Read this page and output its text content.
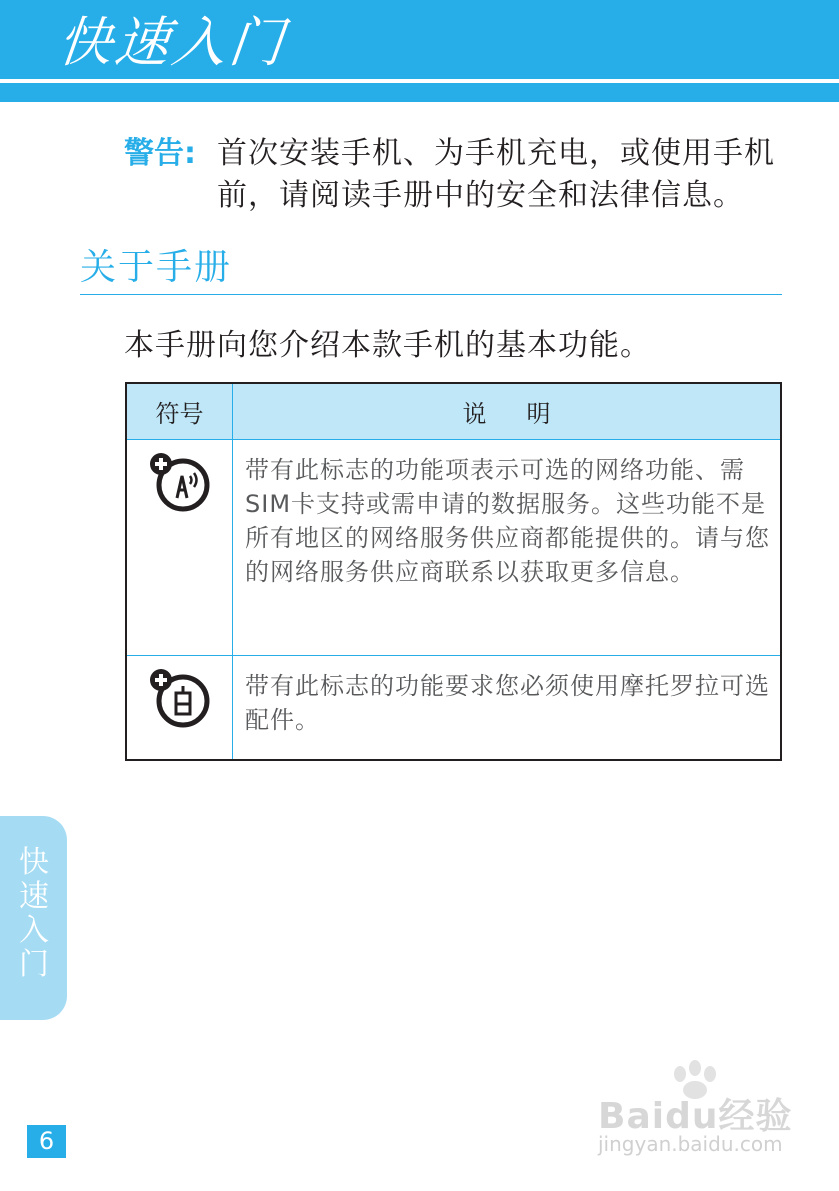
快速入门
警告: 首次安装手机、为手机充电，或使用手机前，请阅读手册中的安全和法律信息。
关于手册
本手册向您介绍本款手机的基本功能。
符号	说明
	带有此标志的功能项表示可选的网络功能、需SIM卡支持或需申请的数据服务。这些功能不是所有地区的网络服务供应商都能提供的。请与您的网络服务供应商联系以获取更多信息。
	带有此标志的功能要求您必须使用摩托罗拉可选配件。
快速入门
6
Baidu经验
jingyan.baidu.com
